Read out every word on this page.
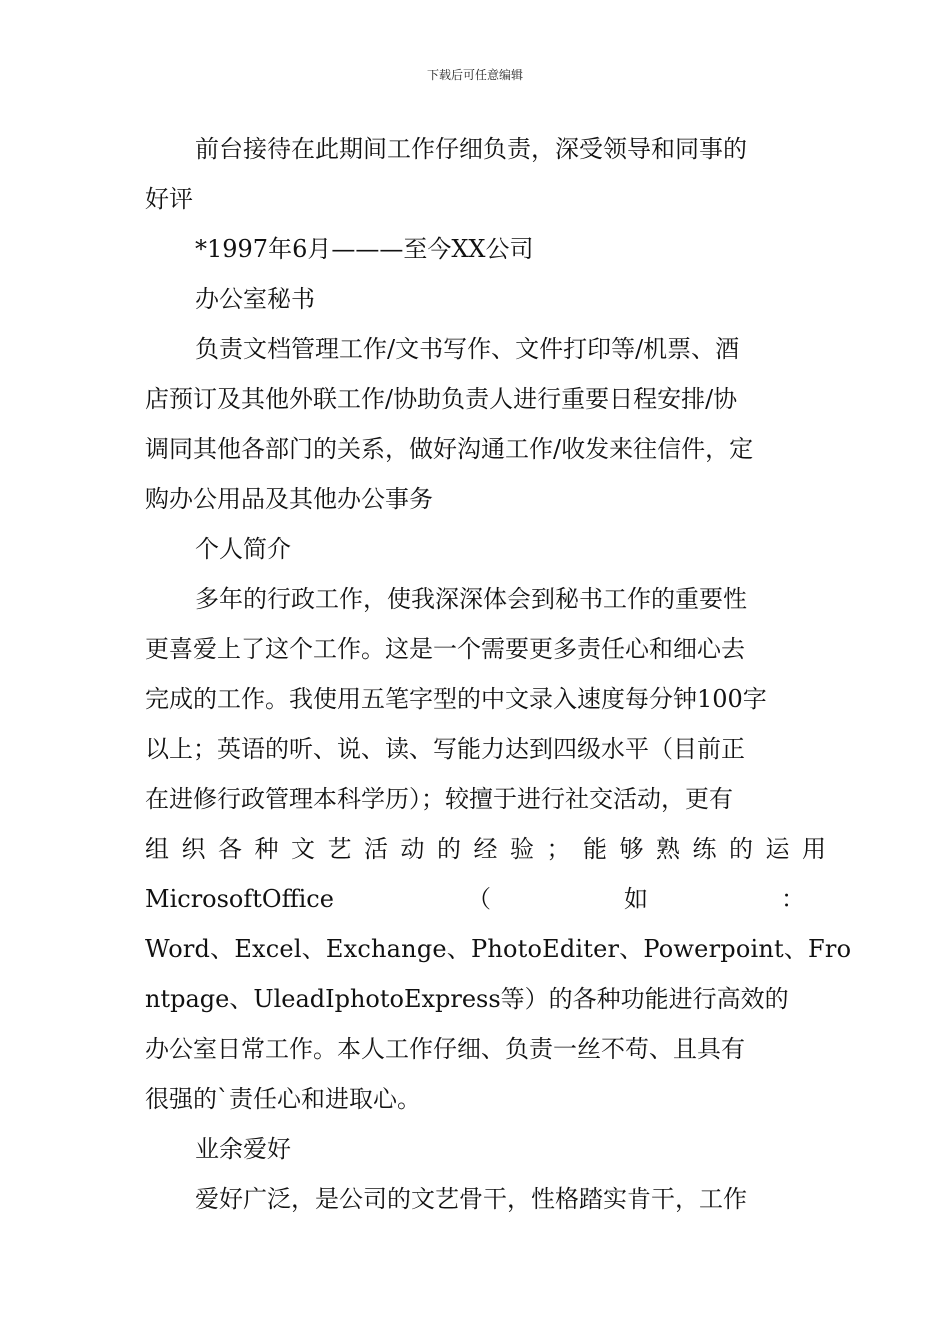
下载后可任意编辑
前台接待在此期间工作仔细负责，深受领导和同事的
好评
*1997年6月———至今XX公司
办公室秘书
负责文档管理工作/文书写作、文件打印等/机票、酒
店预订及其他外联工作/协助负责人进行重要日程安排/协
调同其他各部门的关系，做好沟通工作/收发来往信件，定
购办公用品及其他办公事务
个人简介
多年的行政工作，使我深深体会到秘书工作的重要性
更喜爱上了这个工作。这是一个需要更多责任心和细心去
完成的工作。我使用五笔字型的中文录入速度每分钟100字
以上；英语的听、说、读、写能力达到四级水平（目前正
在进修行政管理本科学历）；较擅于进行社交活动，更有
组织各种文艺活动的经验；能够熟练的运用
MicrosoftOffice	（	如	：
Word、Excel、Exchange、PhotoEditer、Powerpoint、Fro
ntpage、UleadIphotoExpress等）的各种功能进行高效的
办公室日常工作。本人工作仔细、负责一丝不苟、且具有
很强的`责任心和进取心。
业余爱好
爱好广泛，是公司的文艺骨干，性格踏实肯干，工作
